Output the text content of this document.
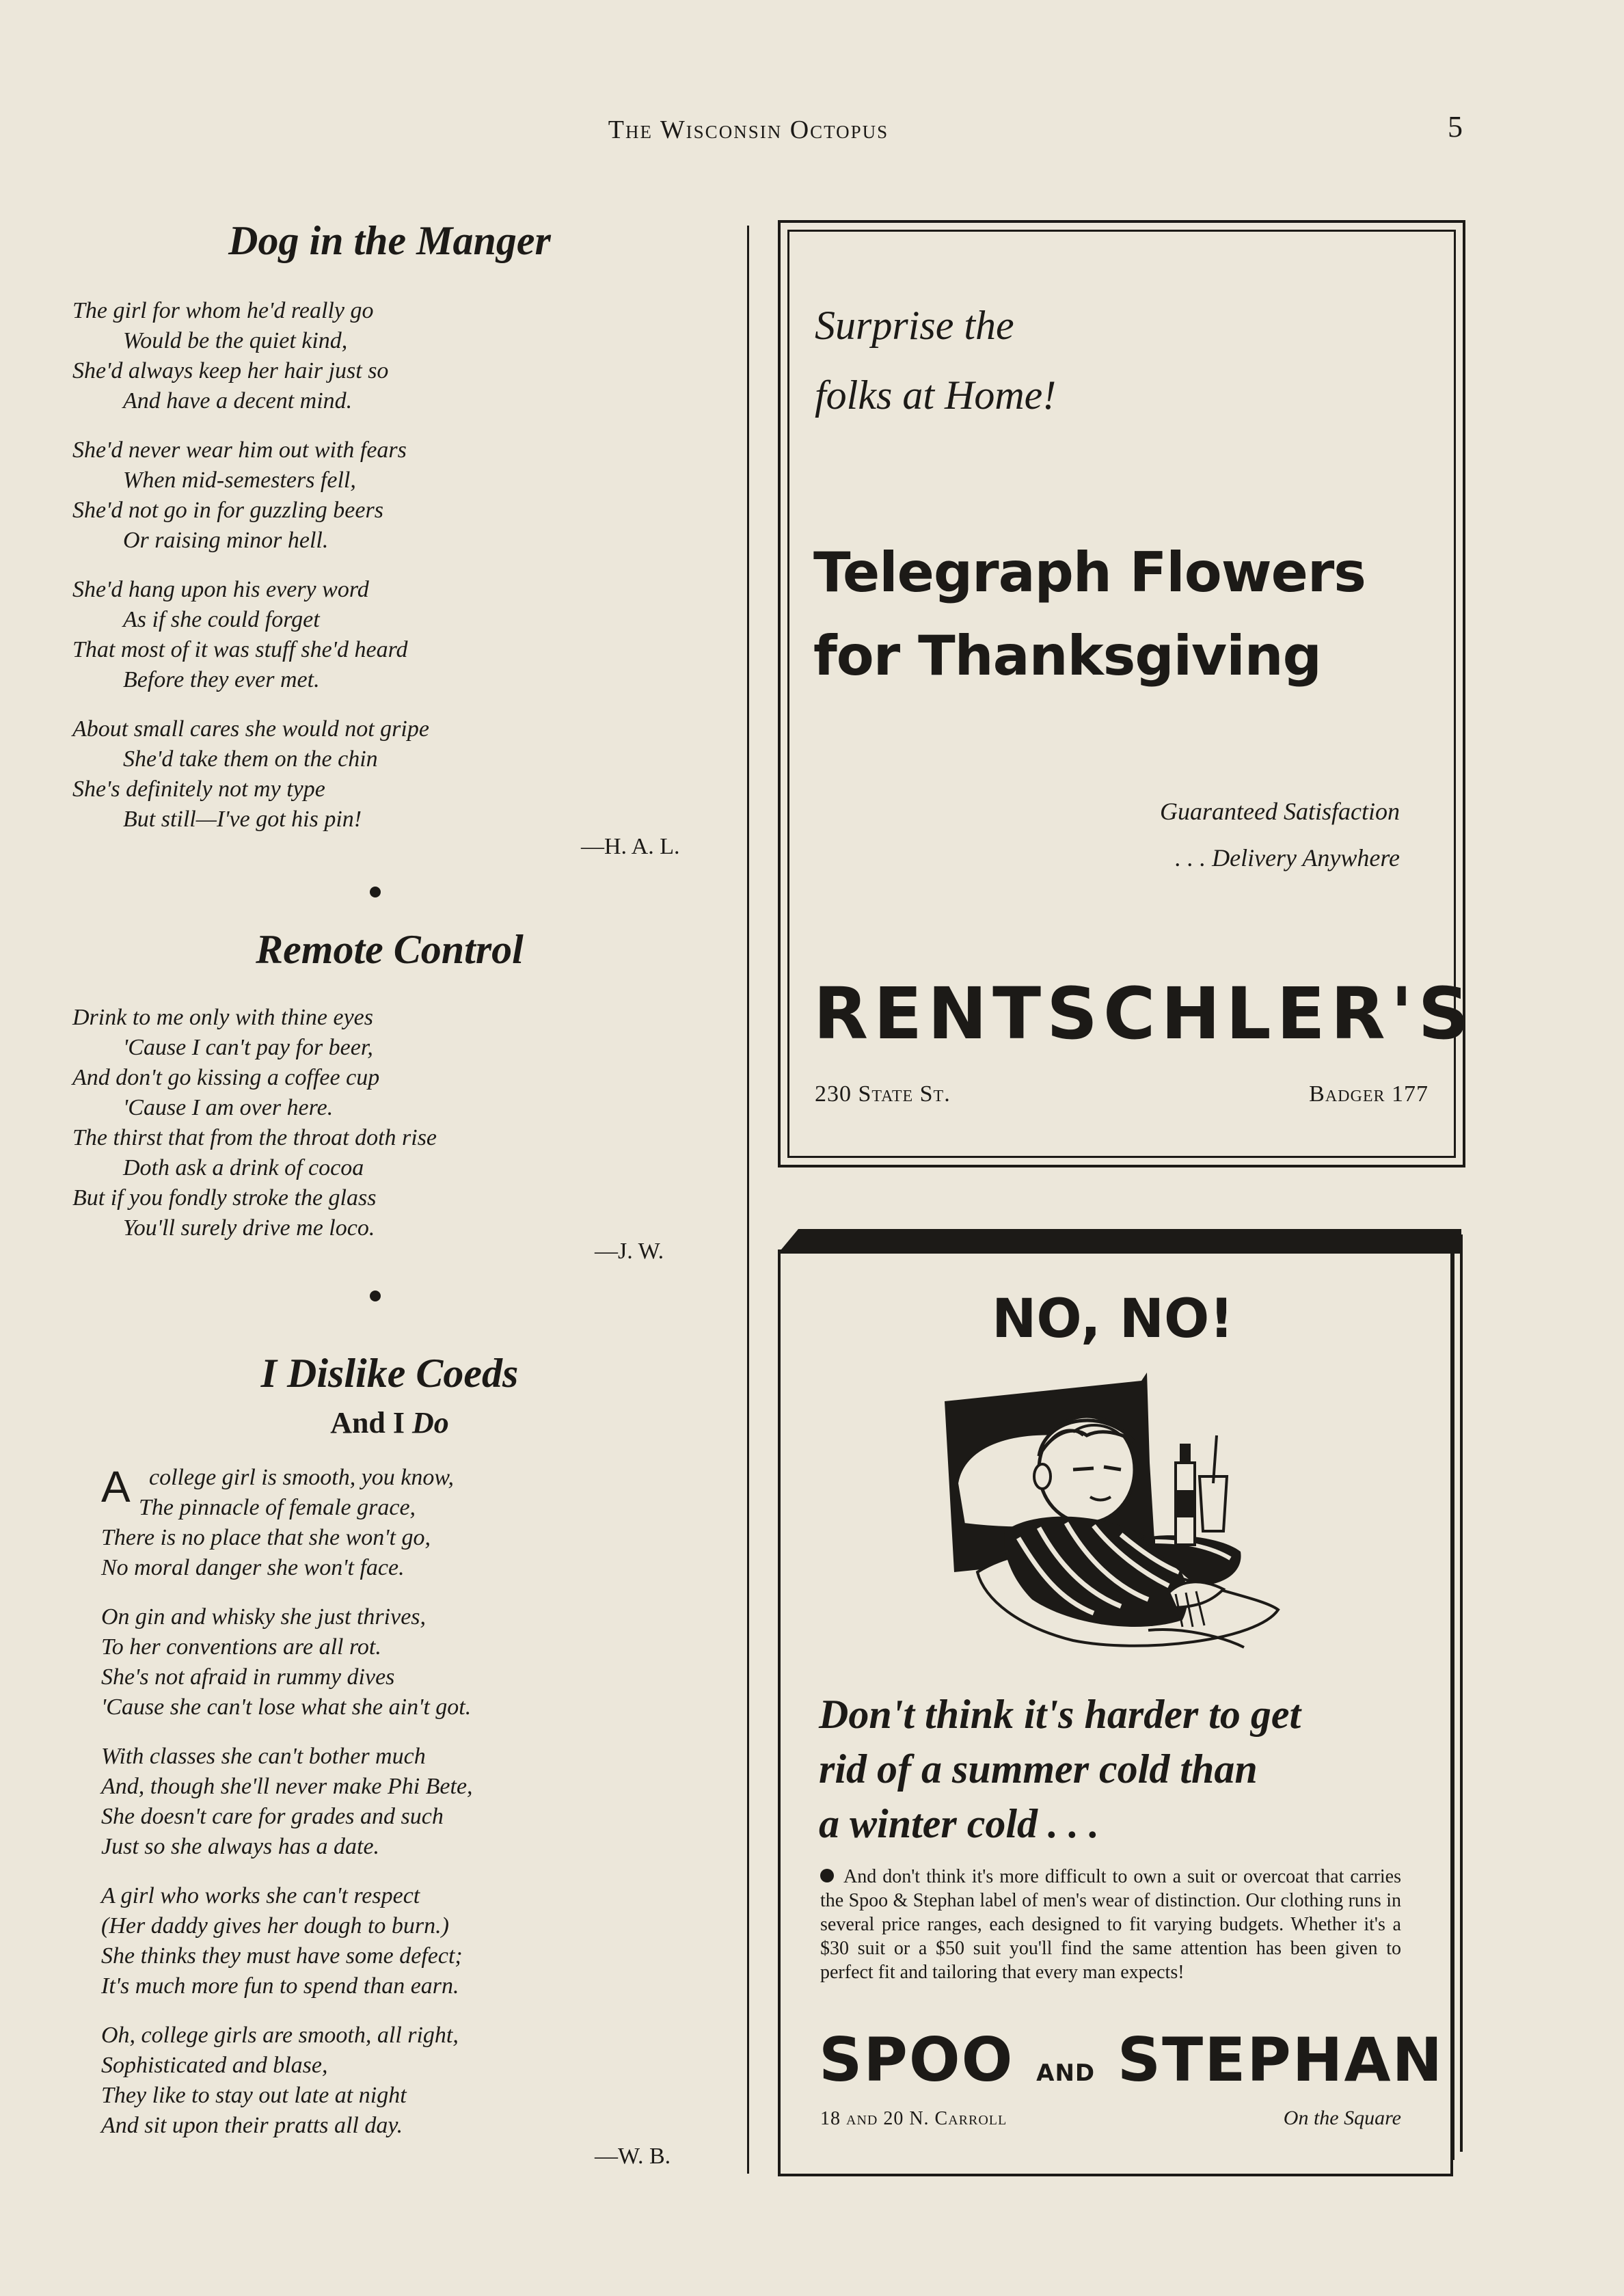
The Wisconsin Octopus	5
Dog in the Manger
The girl for whom he'd really go
Would be the quiet kind,
She'd always keep her hair just so
And have a decent mind.
She'd never wear him out with fears
When mid-semesters fell,
She'd not go in for guzzling beers
Or raising minor hell.
She'd hang upon his every word
As if she could forget
That most of it was stuff she'd heard
Before they ever met.
About small cares she would not gripe
She'd take them on the chin
She's definitely not my type
But still—I've got his pin!
—H. A. L.
Remote Control
Drink to me only with thine eyes
'Cause I can't pay for beer,
And don't go kissing a coffee cup
'Cause I am over here.
The thirst that from the throat doth rise
Doth ask a drink of cocoa
But if you fondly stroke the glass
You'll surely drive me loco.
—J. W.
I Dislike Coeds
And I Do
A college girl is smooth, you know,
The pinnacle of female grace,
There is no place that she won't go,
No moral danger she won't face.
On gin and whisky she just thrives,
To her conventions are all rot.
She's not afraid in rummy dives
'Cause she can't lose what she ain't got.
With classes she can't bother much
And, though she'll never make Phi Bete,
She doesn't care for grades and such
Just so she always has a date.
A girl who works she can't respect
(Her daddy gives her dough to burn.)
She thinks they must have some defect;
It's much more fun to spend than earn.
Oh, college girls are smooth, all right,
Sophisticated and blase,
They like to stay out late at night
And sit upon their pratts all day.
—W. B.
Surprise the
folks at Home!
Telegraph Flowers
for Thanksgiving
Guaranteed Satisfaction
. . . Delivery Anywhere
RENTSCHLER'S
230 State St.	Badger 177
NO, NO!
Don't think it's harder to get
rid of a summer cold than
a winter cold . . .
And don't think it's more difficult to own a suit or overcoat that carries the Spoo & Stephan label of men's wear of distinction. Our clothing runs in several price ranges, each designed to fit varying budgets. Whether it's a $30 suit or a $50 suit you'll find the same attention has been given to perfect fit and tailoring that every man expects!
SPOO and STEPHAN
18 and 20 N. Carroll	On the Square
